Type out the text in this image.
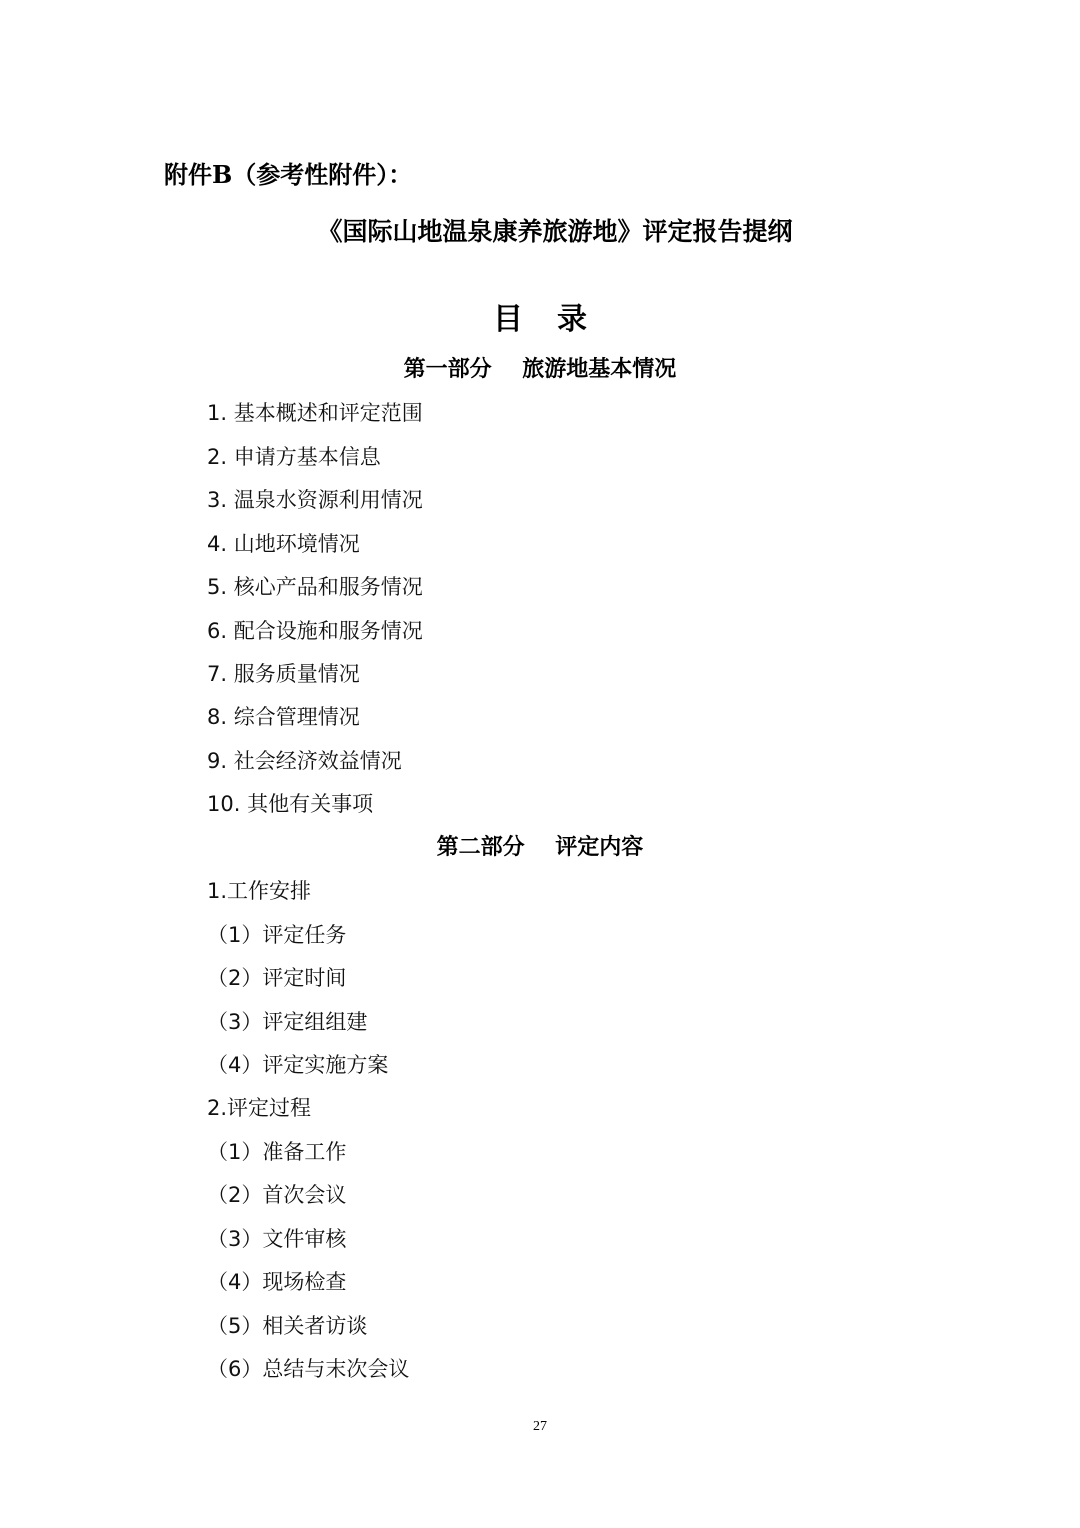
附件B（参考性附件）：
《国际山地温泉康养旅游地》评定报告提纲
目录
第一部分    旅游地基本情况
1. 基本概述和评定范围
2. 申请方基本信息
3. 温泉水资源利用情况
4. 山地环境情况
5. 核心产品和服务情况
6. 配合设施和服务情况
7. 服务质量情况
8. 综合管理情况
9. 社会经济效益情况
10. 其他有关事项
第二部分    评定内容
1.工作安排
（1）评定任务
（2）评定时间
（3）评定组组建
（4）评定实施方案
2.评定过程
（1）准备工作
（2）首次会议
（3）文件审核
（4）现场检查
（5）相关者访谈
（6）总结与末次会议
27
